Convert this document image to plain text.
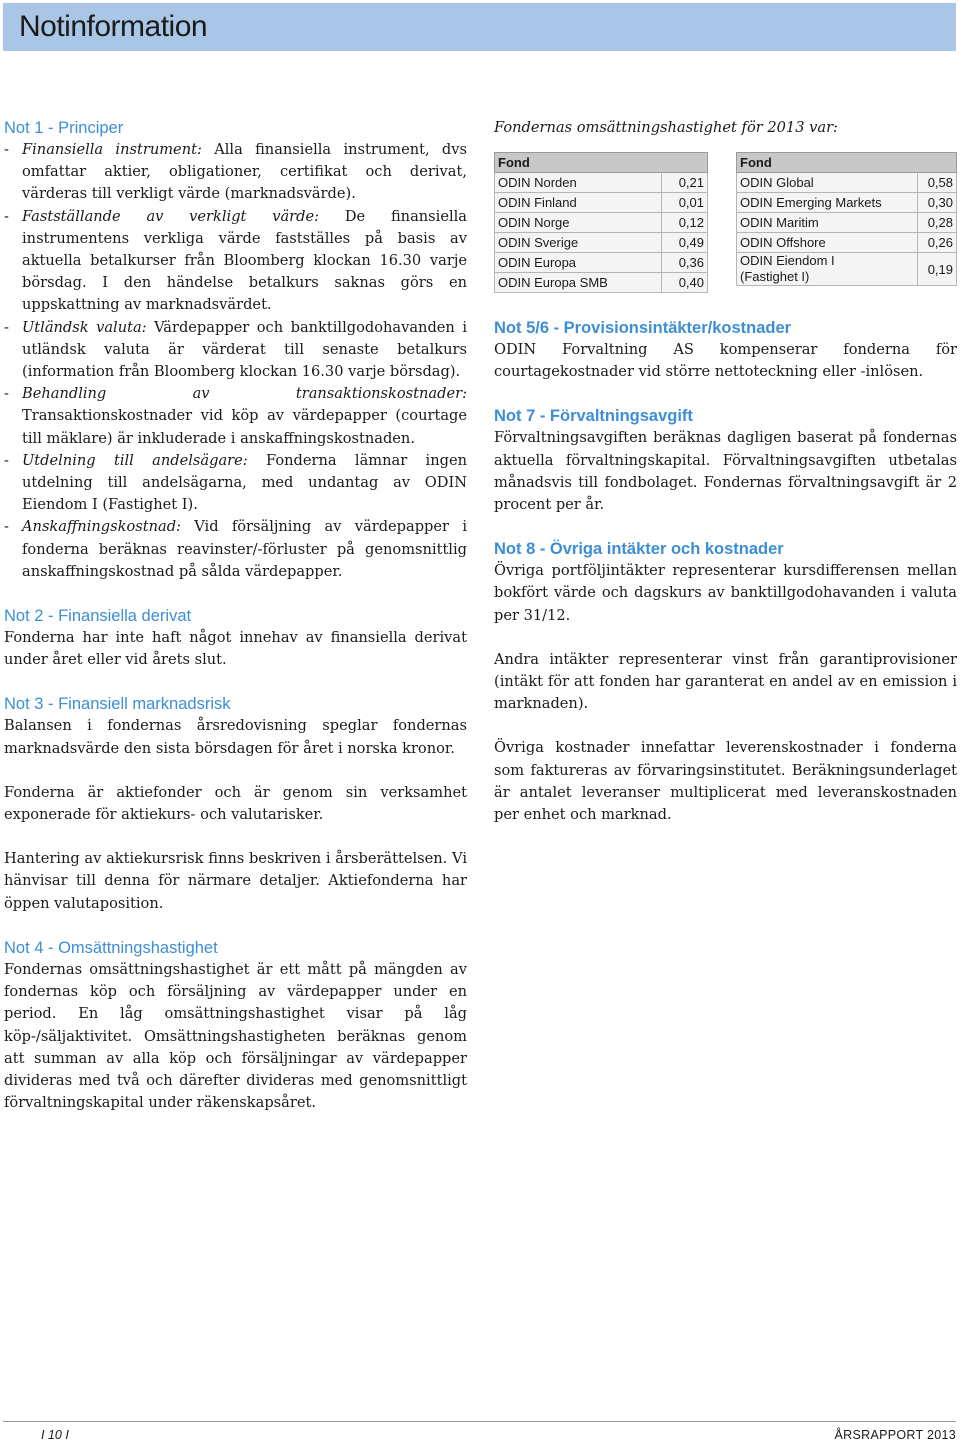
Notinformation
Not 1 - Principer
- Finansiella instrument: Alla finansiella instrument, dvs omfattar aktier, obligationer, certifikat och derivat, värderas till verkligt värde (marknadsvärde).
- Fastställande av verkligt värde: De finansiella instrumentens verkliga värde fastställes på basis av aktuella betalkurser från Bloomberg klockan 16.30 varje börsdag. I den händelse betalkurs saknas görs en uppskattning av marknadsvärdet.
- Utländsk valuta: Värdepapper och banktillgodohavanden i utländsk valuta är värderat till senaste betalkurs (information från Bloomberg klockan 16.30 varje börsdag).
- Behandling av transaktionskostnader: Transaktionskostnader vid köp av värdepapper (courtage till mäklare) är inkluderade i anskaffningskostnaden.
- Utdelning till andelsägare: Fonderna lämnar ingen utdelning till andelsägarna, med undantag av ODIN Eiendom I (Fastighet I).
- Anskaffningskostnad: Vid försäljning av värdepapper i fonderna beräknas reavinster/-förluster på genomsnittlig anskaffningskostnad på sålda värdepapper.
Not 2 - Finansiella derivat

Fonderna har inte haft något innehav av finansiella derivat under året eller vid årets slut.

Not 3 - Finansiell marknadsrisk

Balansen i fondernas årsredovisning speglar fondernas marknadsvärde den sista börsdagen för året i norska kronor.

Fonderna är aktiefonder och är genom sin verksamhet exponerade för aktiekurs- och valutarisker.

Hantering av aktiekursrisk finns beskriven i årsberättelsen. Vi hänvisar till denna för närmare detaljer. Aktiefonderna har öppen valutaposition.

Not 4 - Omsättningshastighet

Fondernas omsättningshastighet är ett mått på mängden av fondernas köp och försäljning av värdepapper under en period. En låg omsättningshastighet visar på låg köp-/säljaktivitet. Omsättningshastigheten beräknas genom att summan av alla köp och försäljningar av värdepapper divideras med två och därefter divideras med genomsnittligt förvaltningskapital under räkenskapsåret.

Fondernas omsättningshastighet för 2013 var:

Fond	
ODIN Norden	0,21
ODIN Finland	0,01
ODIN Norge	0,12
ODIN Sverige	0,49
ODIN Europa	0,36
ODIN Europa SMB	0,40
Fond	
ODIN Global	0,58
ODIN Emerging Markets	0,30
ODIN Maritim	0,28
ODIN Offshore	0,26
ODIN Eiendom I
(Fastighet I)	0,19
Not 5/6 - Provisionsintäkter/kostnader

ODIN Forvaltning AS kompenserar fonderna för courtagekostnader vid större nettoteckning eller -inlösen.

Not 7 - Förvaltningsavgift

Förvaltningsavgiften beräknas dagligen baserat på fondernas aktuella förvaltningskapital. Förvaltningsavgiften utbetalas månadsvis till fondbolaget. Fondernas förvaltningsavgift är 2 procent per år.

Not 8 - Övriga intäkter och kostnader

Övriga portföljintäkter representerar kursdifferensen mellan bokfört värde och dagskurs av banktillgodohavanden i valuta per 31/12.

Andra intäkter representerar vinst från garantiprovisioner (intäkt för att fonden har garanterat en andel av en emission i marknaden).

Övriga kostnader innefattar leverenskostnader i fonderna som faktureras av förvaringsinstitutet. Beräkningsunderlaget är antalet leveranser multiplicerat med leveranskostnaden per enhet och marknad.

I 10 I	ÅRSRAPPORT 2013
